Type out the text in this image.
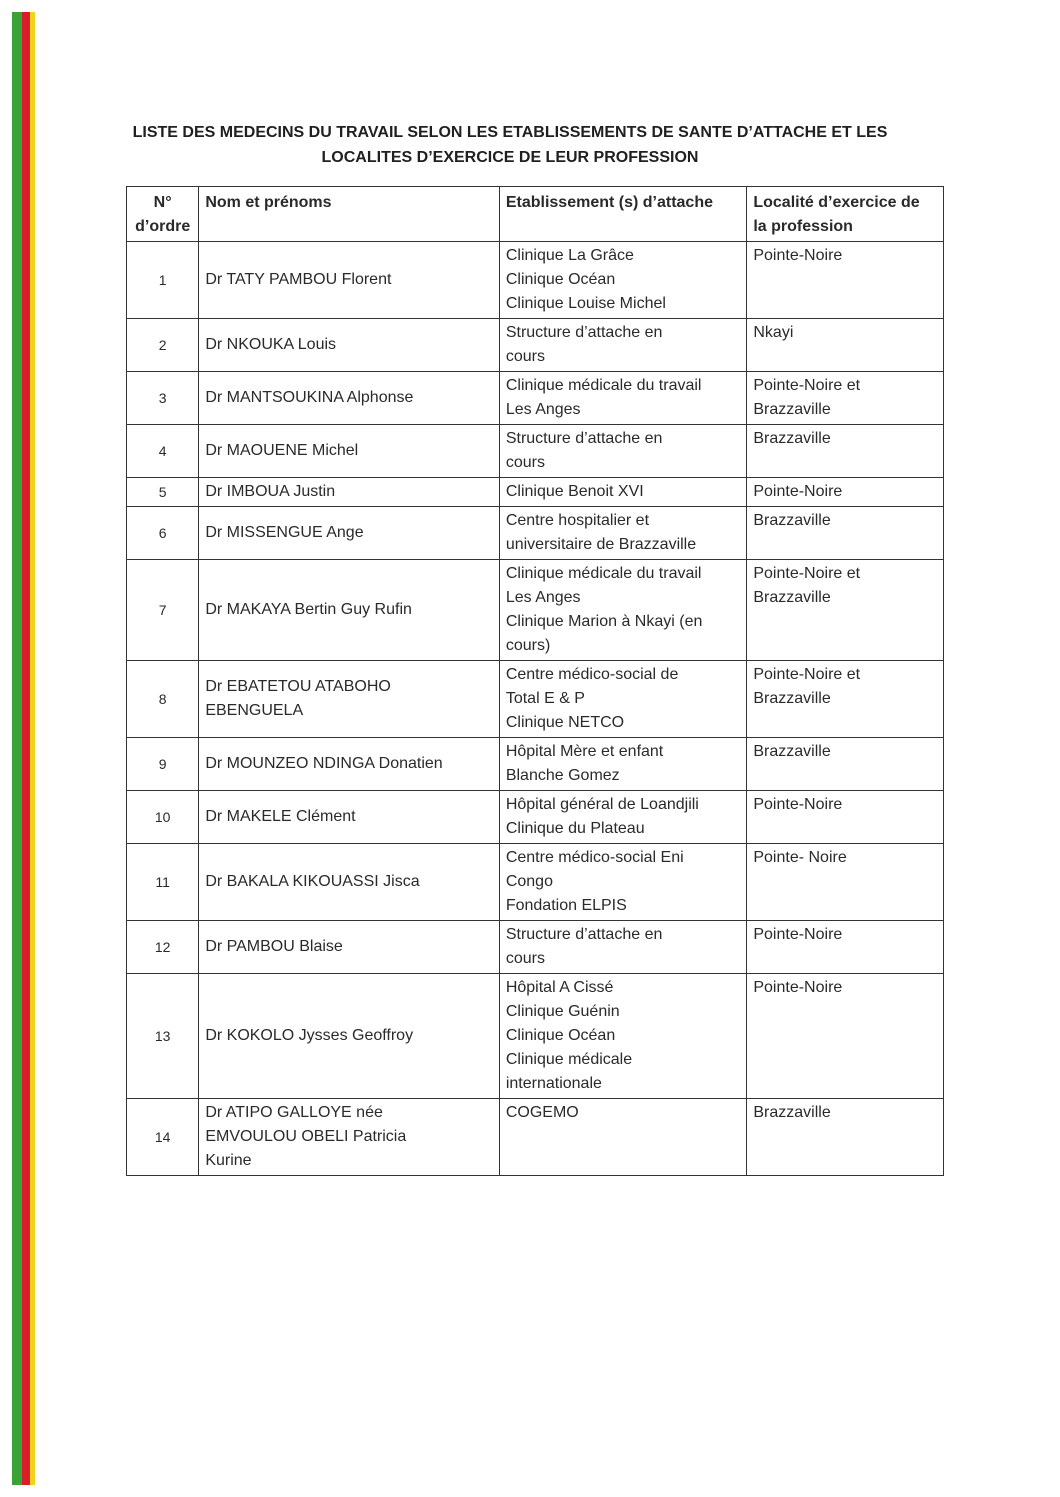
LISTE DES MEDECINS DU TRAVAIL SELON LES ETABLISSEMENTS DE SANTE D’ATTACHE ET LES
LOCALITES D’EXERCICE DE LEUR PROFESSION
N°
d’ordre	Nom et prénoms	Etablissement (s) d’attache	Localité d’exercice de
la profession

1	Dr TATY PAMBOU Florent	Clinique La Grâce
Clinique Océan
Clinique Louise Michel	Pointe-Noire

2	Dr NKOUKA Louis	Structure d’attache en
cours	Nkayi

3	Dr MANTSOUKINA Alphonse	Clinique médicale du travail
Les Anges	Pointe-Noire et
Brazzaville

4	Dr MAOUENE Michel	Structure d’attache en
cours	Brazzaville

5	Dr IMBOUA Justin	Clinique Benoit XVI	Pointe-Noire

6	Dr MISSENGUE Ange	Centre hospitalier et
universitaire de Brazzaville	Brazzaville

7	Dr MAKAYA Bertin Guy Rufin	Clinique médicale du travail
Les Anges
Clinique Marion à Nkayi (en
cours)	Pointe-Noire et
Brazzaville

8	Dr EBATETOU ATABOHO
EBENGUELA	Centre médico-social de
Total E & P
Clinique NETCO	Pointe-Noire et
Brazzaville

9	Dr MOUNZEO NDINGA Donatien	Hôpital Mère et enfant
Blanche Gomez	Brazzaville

10	Dr MAKELE Clément	Hôpital général de Loandjili
Clinique du Plateau	Pointe-Noire

11	Dr BAKALA KIKOUASSI Jisca	Centre médico-social Eni
Congo
Fondation ELPIS	Pointe- Noire

12	Dr PAMBOU Blaise	Structure d’attache en
cours	Pointe-Noire

13	Dr KOKOLO Jysses Geoffroy	Hôpital A Cissé
Clinique Guénin
Clinique Océan
Clinique médicale
internationale	Pointe-Noire

14	Dr ATIPO GALLOYE née
EMVOULOU OBELI Patricia
Kurine	COGEMO	Brazzaville
